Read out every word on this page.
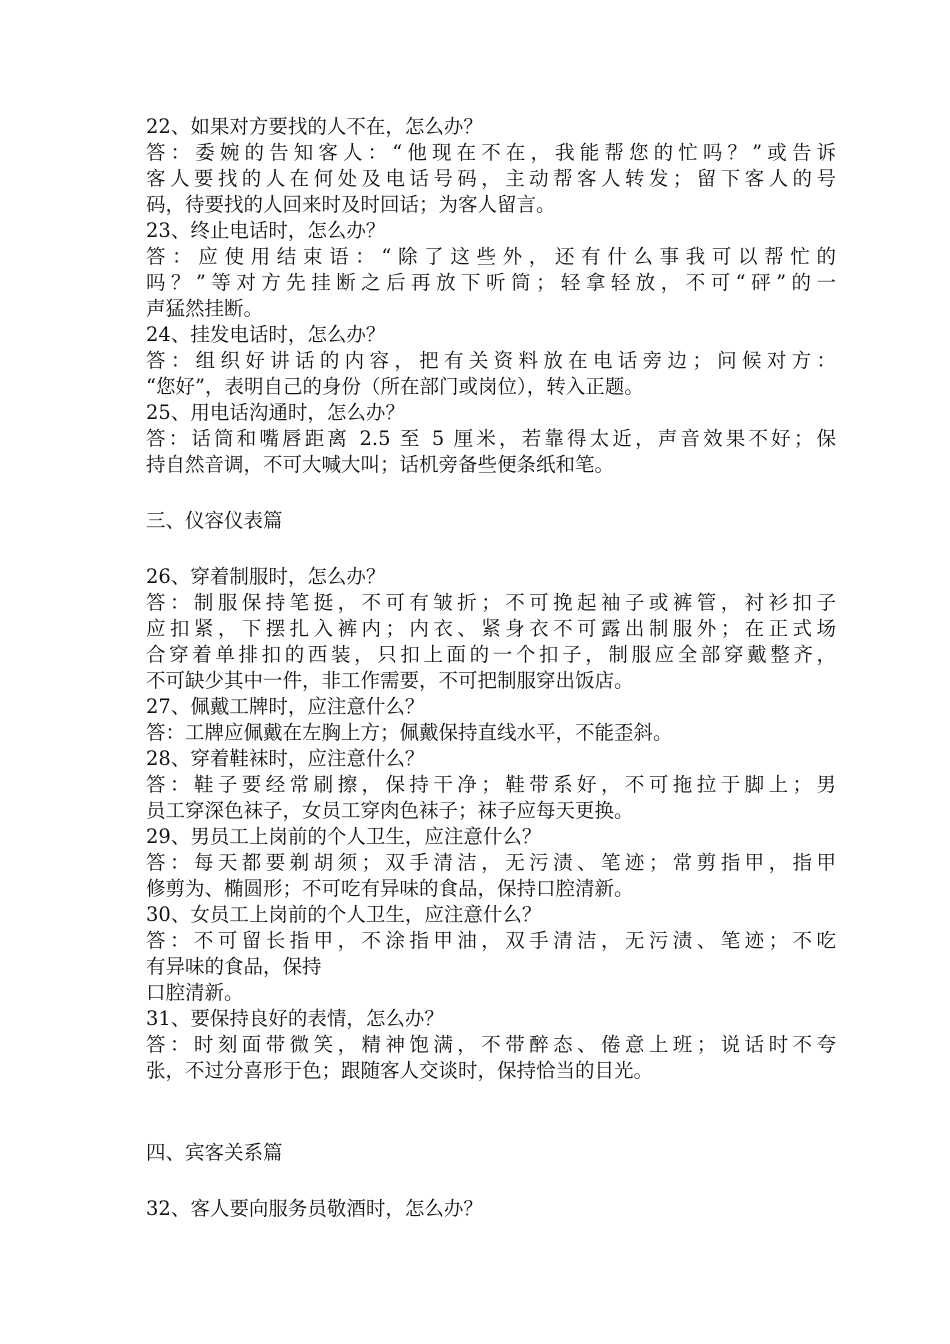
22、如果对方要找的人不在，怎么办？
答：委婉的告知客人：“他现在不在，我能帮您的忙吗？”或告诉
客人要找的人在何处及电话号码，主动帮客人转发；留下客人的号
码，待要找的人回来时及时回话；为客人留言。
23、终止电话时，怎么办？
答：应使用结束语：“除了这些外，还有什么事我可以帮忙的
吗？”等对方先挂断之后再放下听筒；轻拿轻放，不可“砰”的一
声猛然挂断。
24、挂发电话时，怎么办？
答：组织好讲话的内容，把有关资料放在电话旁边；问候对方：
“您好”，表明自己的身份（所在部门或岗位），转入正题。
25、用电话沟通时，怎么办？
答：话筒和嘴唇距离 2.5 至 5 厘米，若靠得太近，声音效果不好；保
持自然音调，不可大喊大叫；话机旁备些便条纸和笔。
三、仪容仪表篇
26、穿着制服时，怎么办？
答：制服保持笔挺，不可有皱折；不可挽起袖子或裤管，衬衫扣子
应扣紧，下摆扎入裤内；内衣、紧身衣不可露出制服外；在正式场
合穿着单排扣的西装，只扣上面的一个扣子，制服应全部穿戴整齐，
不可缺少其中一件，非工作需要，不可把制服穿出饭店。
27、佩戴工牌时，应注意什么？
答：工牌应佩戴在左胸上方；佩戴保持直线水平，不能歪斜。
28、穿着鞋袜时，应注意什么？
答：鞋子要经常刷擦，保持干净；鞋带系好，不可拖拉于脚上；男
员工穿深色袜子，女员工穿肉色袜子；袜子应每天更换。
29、男员工上岗前的个人卫生，应注意什么？
答：每天都要剃胡须；双手清洁，无污渍、笔迹；常剪指甲，指甲
修剪为、椭圆形；不可吃有异味的食品，保持口腔清新。
30、女员工上岗前的个人卫生，应注意什么？
答：不可留长指甲，不涂指甲油，双手清洁，无污渍、笔迹；不吃
有异味的食品，保持
口腔清新。
31、要保持良好的表情，怎么办？
答：时刻面带微笑，精神饱满，不带醉态、倦意上班；说话时不夸
张，不过分喜形于色；跟随客人交谈时，保持恰当的目光。
四、宾客关系篇
32、客人要向服务员敬酒时，怎么办？
